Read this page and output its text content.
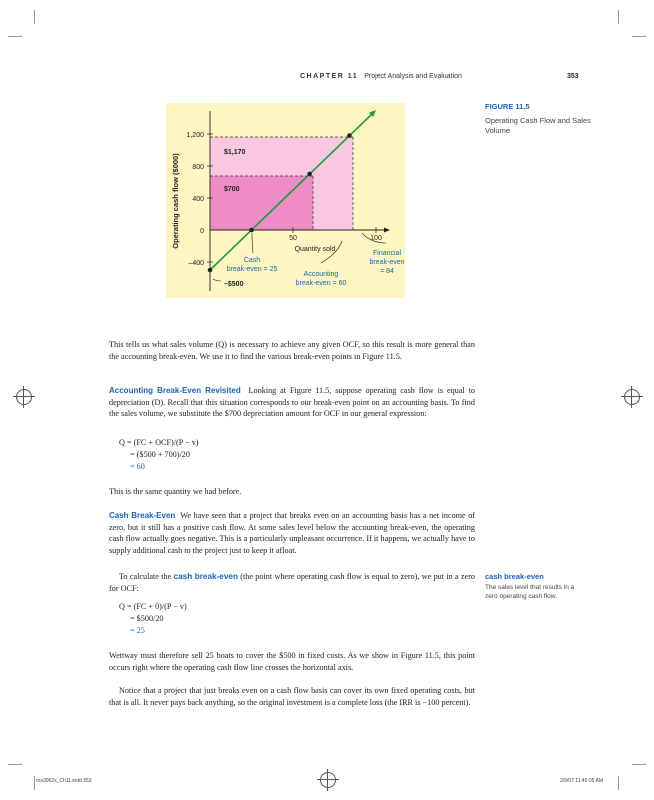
CHAPTER 11 Project Analysis and Evaluation	353
FIGURE 11.5
Operating Cash Flow and Sales Volume
1,200
800
400
0
–400
50	100
Operating cash flow ($000)
Quantity sold
$1,170
$700
Cash
break-even = 25
Accounting
break-even = 60
Financial
break-even
= 84
–$500

This tells us what sales volume (Q) is necessary to achieve any given OCF, so this result is more general than the accounting break-even. We use it to find the various break-even points in Figure 11.5.

Accounting Break-Even Revisited Looking at Figure 11.5, suppose operating cash flow is equal to depreciation (D). Recall that this situation corresponds to our break-even point on an accounting basis. To find the sales volume, we substitute the $700 depreciation amount for OCF in our general expression:

Q = (FC + OCF)/(P − v)
= ($500 + 700)/20
= 60
This is the same quantity we had before.

Cash Break-Even We have seen that a project that breaks even on an accounting basis has a net income of zero, but it still has a positive cash flow. At some sales level below the accounting break-even, the operating cash flow actually goes negative. This is a particularly unpleasant occurrence. If it happens, we actually have to supply additional cash to the project just to keep it afloat.

To calculate the cash break-even (the point where operating cash flow is equal to zero), we put in a zero for OCF:

Q = (FC + 0)/(P − v)
= $500/20
= 25

Wettway must therefore sell 25 boats to cover the $500 in fixed costs. As we show in Figure 11.5, this point occurs right where the operating cash flow line crosses the horizontal axis.

Notice that a project that just breaks even on a cash flow basis can cover its own fixed operating costs, but that is all. It never pays back anything, so the original investment is a complete loss (the IRR is −100 percent).

cash break-even
The sales level that results in a zero operating cash flow.
ros3062x_Ch11.indd 353	2/9/07 11:45:05 AM
